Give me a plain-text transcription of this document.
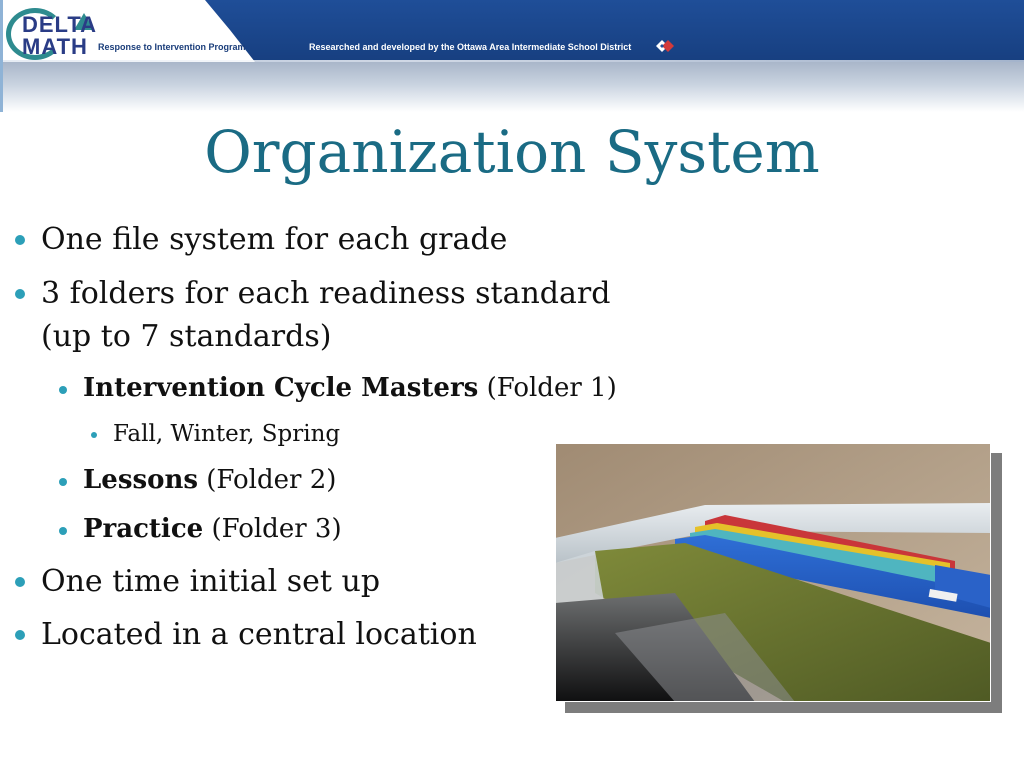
DELTA
MATH Response to Intervention Program	Researched and developed by the Ottawa Area Intermediate School District
Organization System
One file system for each grade
3 folders for each readiness standard
(up to 7 standards)
Intervention Cycle Masters (Folder 1)
Fall, Winter, Spring
Lessons (Folder 2)
Practice (Folder 3)
One time initial set up
Located in a central location
